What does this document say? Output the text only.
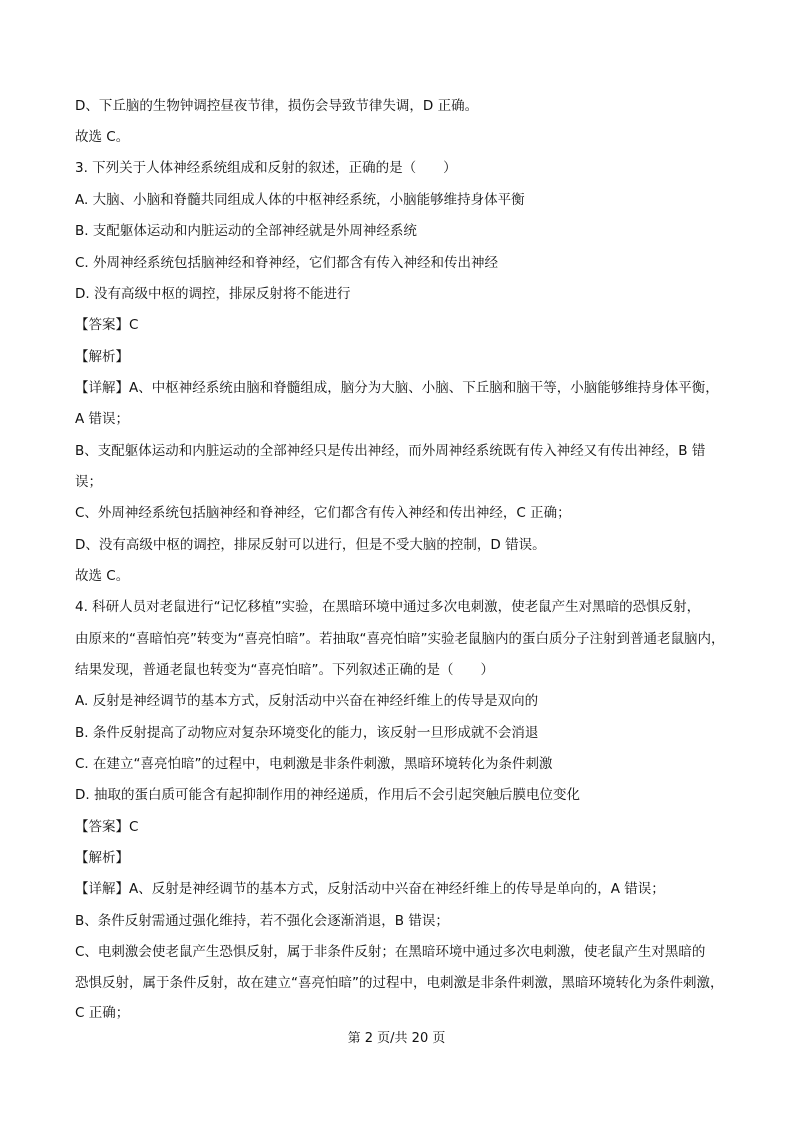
D、下丘脑的生物钟调控昼夜节律，损伤会导致节律失调，D 正确。
故选 C。
3. 下列关于人体神经系统组成和反射的叙述，正确的是（　　）
A. 大脑、小脑和脊髓共同组成人体的中枢神经系统，小脑能够维持身体平衡
B. 支配躯体运动和内脏运动的全部神经就是外周神经系统
C. 外周神经系统包括脑神经和脊神经，它们都含有传入神经和传出神经
D. 没有高级中枢的调控，排尿反射将不能进行
【答案】C
【解析】
【详解】A、中枢神经系统由脑和脊髓组成，脑分为大脑、小脑、下丘脑和脑干等，小脑能够维持身体平衡，
A 错误；
B、支配躯体运动和内脏运动的全部神经只是传出神经，而外周神经系统既有传入神经又有传出神经，B 错
误；
C、外周神经系统包括脑神经和脊神经，它们都含有传入神经和传出神经，C 正确；
D、没有高级中枢的调控，排尿反射可以进行，但是不受大脑的控制，D 错误。
故选 C。
4. 科研人员对老鼠进行“记忆移植”实验，在黑暗环境中通过多次电刺激，使老鼠产生对黑暗的恐惧反射，
由原来的“喜暗怕亮”转变为“喜亮怕暗”。若抽取“喜亮怕暗”实验老鼠脑内的蛋白质分子注射到普通老鼠脑内，
结果发现，普通老鼠也转变为“喜亮怕暗”。下列叙述正确的是（　　）
A. 反射是神经调节的基本方式，反射活动中兴奋在神经纤维上的传导是双向的
B. 条件反射提高了动物应对复杂环境变化的能力，该反射一旦形成就不会消退
C. 在建立“喜亮怕暗”的过程中，电刺激是非条件刺激，黑暗环境转化为条件刺激
D. 抽取的蛋白质可能含有起抑制作用的神经递质，作用后不会引起突触后膜电位变化
【答案】C
【解析】
【详解】A、反射是神经调节的基本方式，反射活动中兴奋在神经纤维上的传导是单向的，A 错误；
B、条件反射需通过强化维持，若不强化会逐渐消退，B 错误；
C、电刺激会使老鼠产生恐惧反射，属于非条件反射；在黑暗环境中通过多次电刺激，使老鼠产生对黑暗的
恐惧反射，属于条件反射，故在建立“喜亮怕暗”的过程中，电刺激是非条件刺激，黑暗环境转化为条件刺激，
C 正确；
第 2 页/共 20 页
